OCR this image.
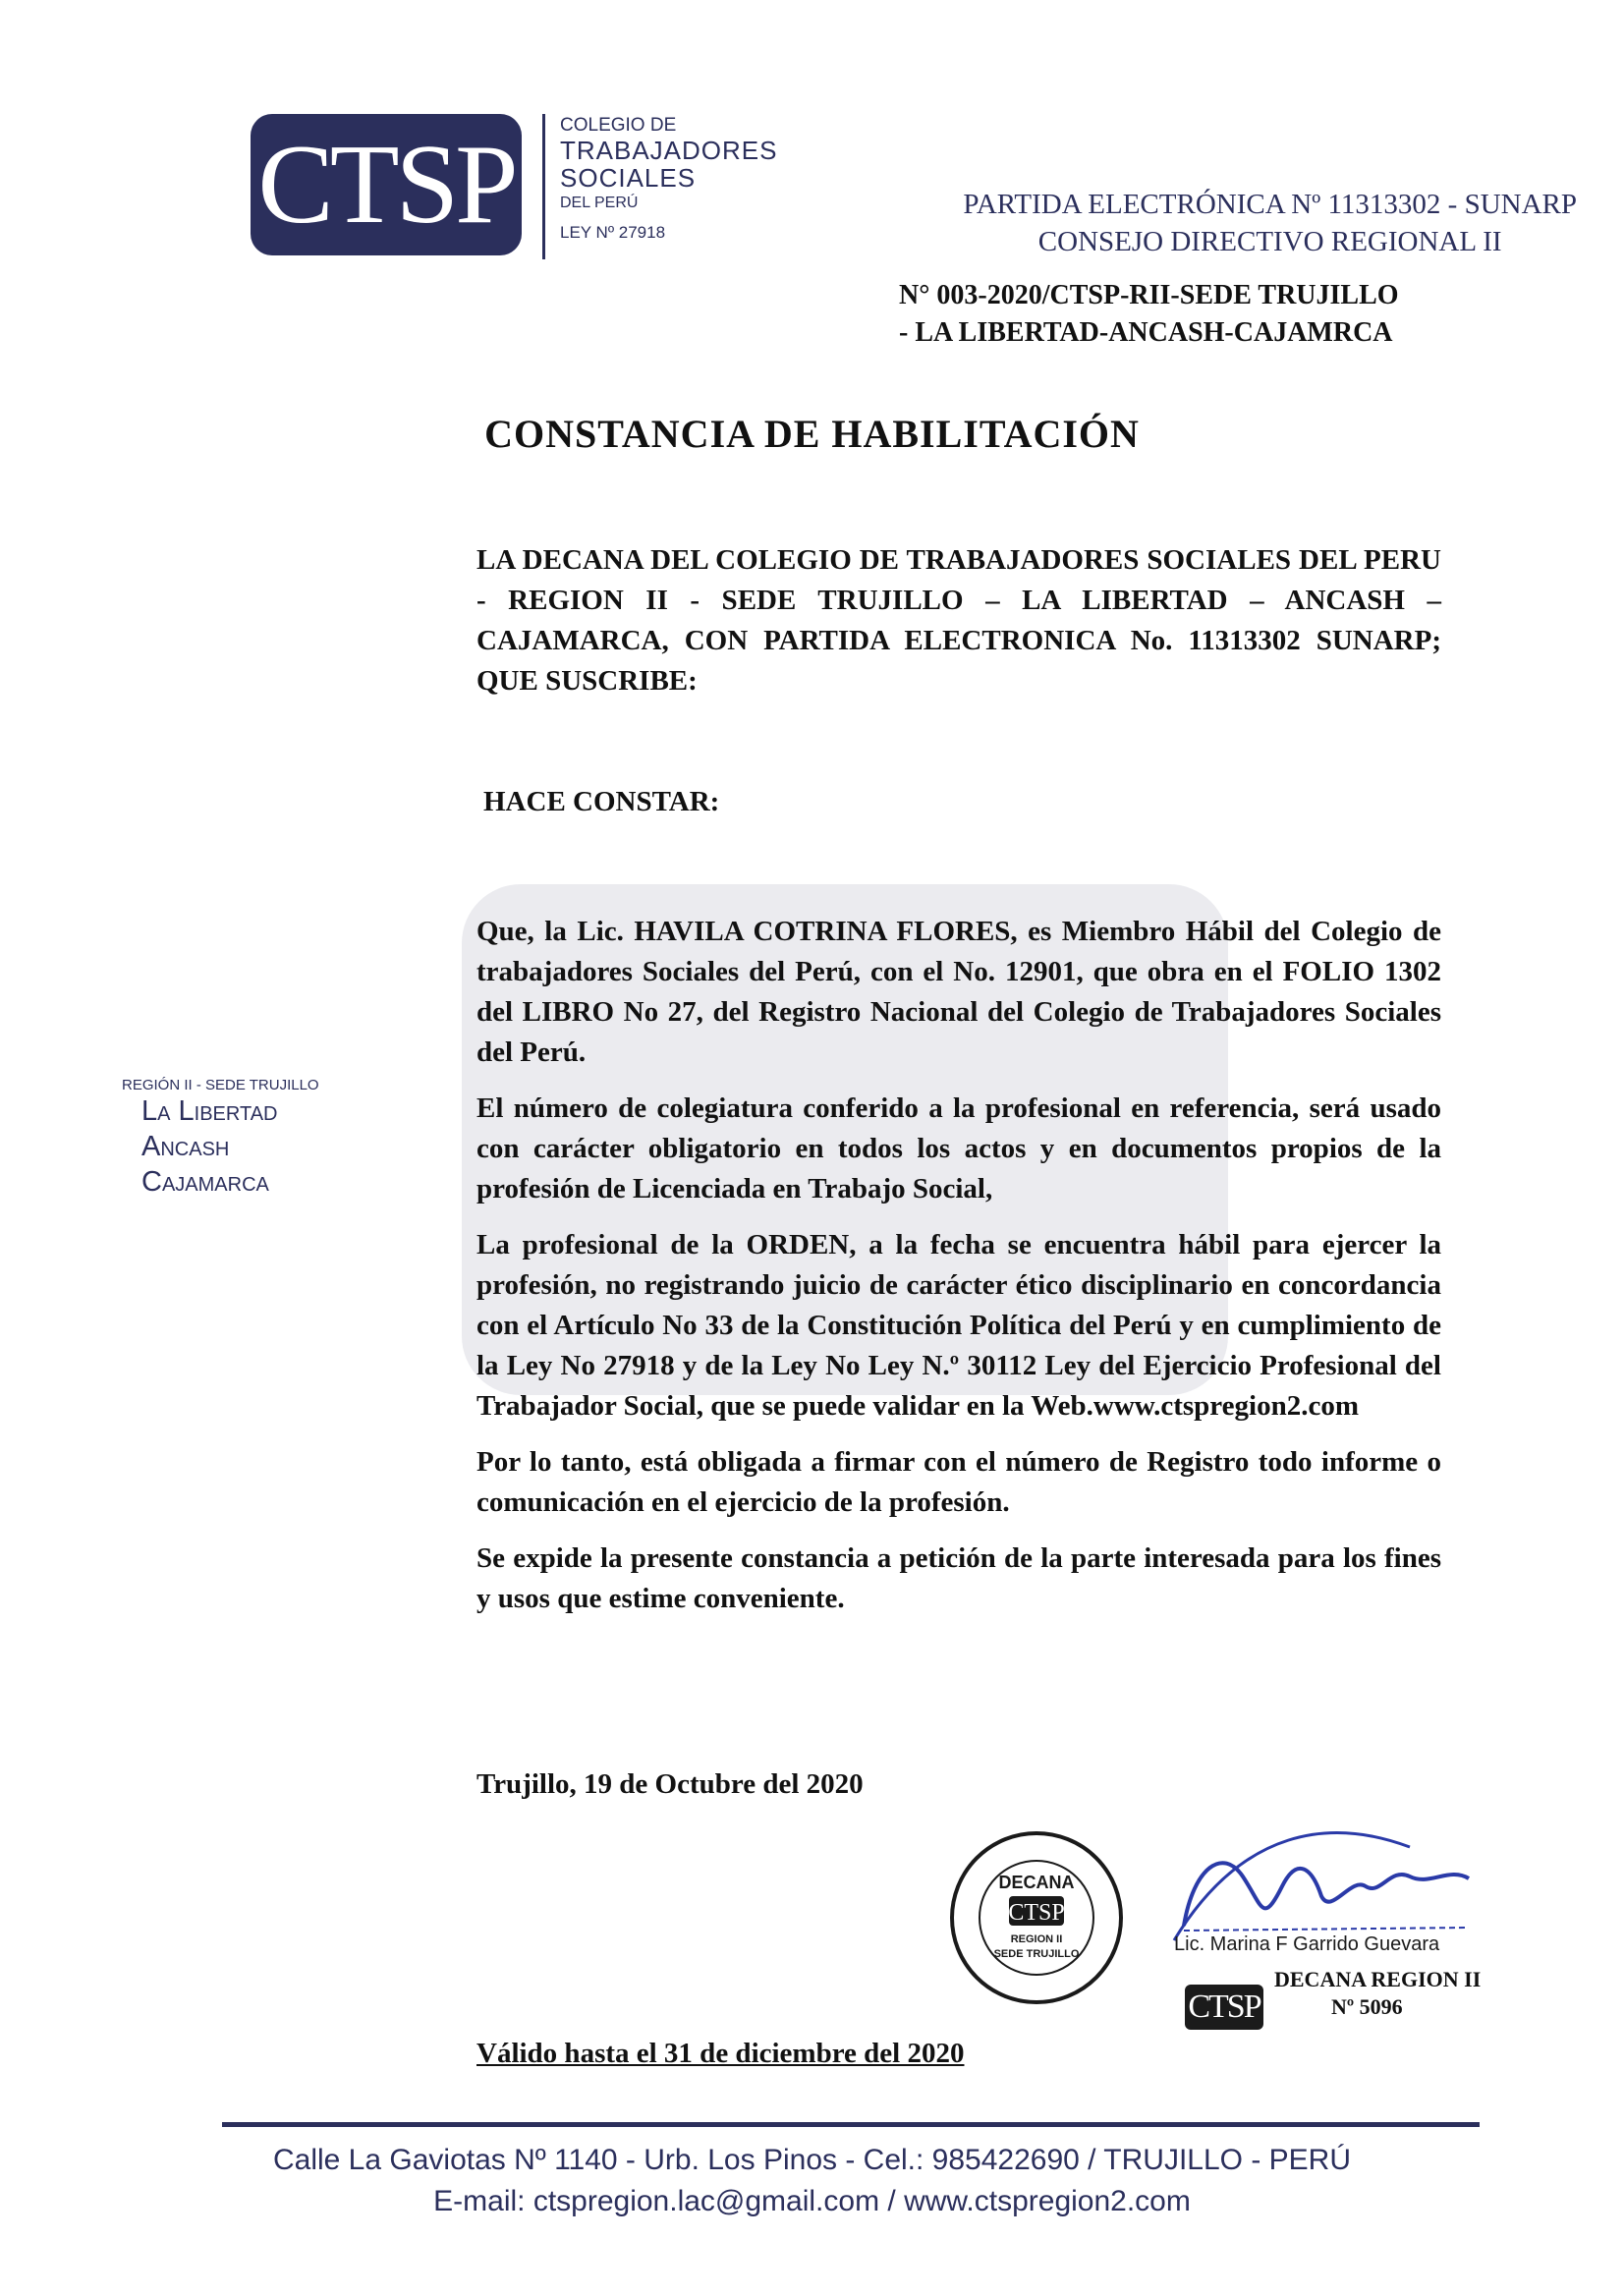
CTSP COLEGIO DE
TRABAJADORES
SOCIALES
DEL PERÚ
LEY Nº 27918
PARTIDA ELECTRÓNICA Nº 11313302 - SUNARP
CONSEJO DIRECTIVO REGIONAL II
N° 003-2020/CTSP-RII-SEDE TRUJILLO
- LA LIBERTAD-ANCASH-CAJAMRCA
CONSTANCIA DE HABILITACIÓN
LA DECANA DEL COLEGIO DE TRABAJADORES SOCIALES DEL PERU - REGION II - SEDE TRUJILLO – LA LIBERTAD – ANCASH – CAJAMARCA, CON PARTIDA ELECTRONICA No. 11313302 SUNARP; QUE SUSCRIBE:
HACE CONSTAR:

Que, la Lic. HAVILA COTRINA FLORES, es Miembro Hábil del Colegio de trabajadores Sociales del Perú, con el No. 12901, que obra en el FOLIO 1302 del LIBRO No 27, del Registro Nacional del Colegio de Trabajadores Sociales del Perú.

El número de colegiatura conferido a la profesional en referencia, será usado con carácter obligatorio en todos los actos y en documentos propios de la profesión de Licenciada en Trabajo Social,

La profesional de la ORDEN, a la fecha se encuentra hábil para ejercer la profesión, no registrando juicio de carácter ético disciplinario en concordancia con el Artículo No 33 de la Constitución Política del Perú y en cumplimiento de la Ley No 27918 y de la Ley No Ley N.º 30112 Ley del Ejercicio Profesional del Trabajador Social, que se puede validar en la Web.www.ctspregion2.com

Por lo tanto, está obligada a firmar con el número de Registro todo informe o comunicación en el ejercicio de la profesión.

Se expide la presente constancia a petición de la parte interesada para los fines y usos que estime conveniente.

REGIÓN II - SEDE TRUJILLO
La Libertad
Ancash
Cajamarca
Trujillo, 19 de Octubre del 2020
DECANA
CTSP
REGION II
SEDE TRUJILLO	Lic. Marina F Garrido Guevara
CTSP
DECANA REGION II
Nº 5096
Válido hasta el 31 de diciembre del 2020
Calle La Gaviotas Nº 1140 - Urb. Los Pinos - Cel.: 985422690 / TRUJILLO - PERÚ
E-mail: ctspregion.lac@gmail.com / www.ctspregion2.com
